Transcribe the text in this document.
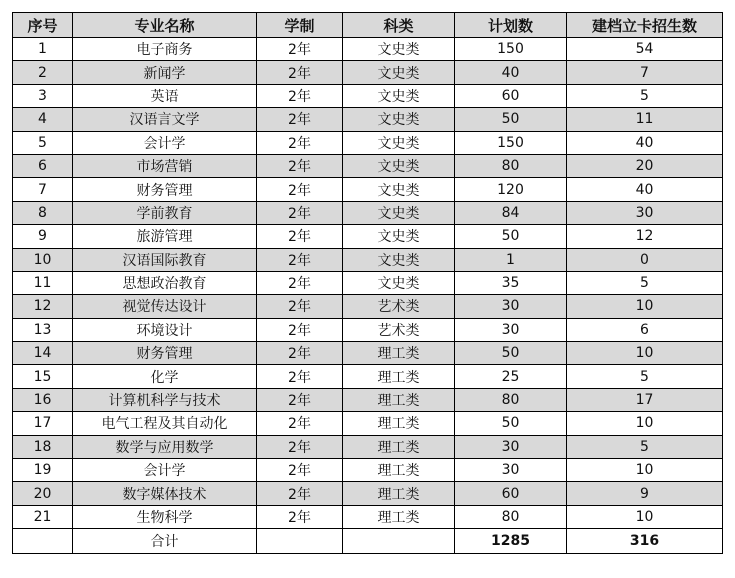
序号	专业名称	学制	科类	计划数	建档立卡招生数
1	电子商务	2年	文史类	150	54
2	新闻学	2年	文史类	40	7
3	英语	2年	文史类	60	5
4	汉语言文学	2年	文史类	50	11
5	会计学	2年	文史类	150	40
6	市场营销	2年	文史类	80	20
7	财务管理	2年	文史类	120	40
8	学前教育	2年	文史类	84	30
9	旅游管理	2年	文史类	50	12
10	汉语国际教育	2年	文史类	1	0
11	思想政治教育	2年	文史类	35	5
12	视觉传达设计	2年	艺术类	30	10
13	环境设计	2年	艺术类	30	6
14	财务管理	2年	理工类	50	10
15	化学	2年	理工类	25	5
16	计算机科学与技术	2年	理工类	80	17
17	电气工程及其自动化	2年	理工类	50	10
18	数学与应用数学	2年	理工类	30	5
19	会计学	2年	理工类	30	10
20	数字媒体技术	2年	理工类	60	9
21	生物科学	2年	理工类	80	10
	合计			1285	316
